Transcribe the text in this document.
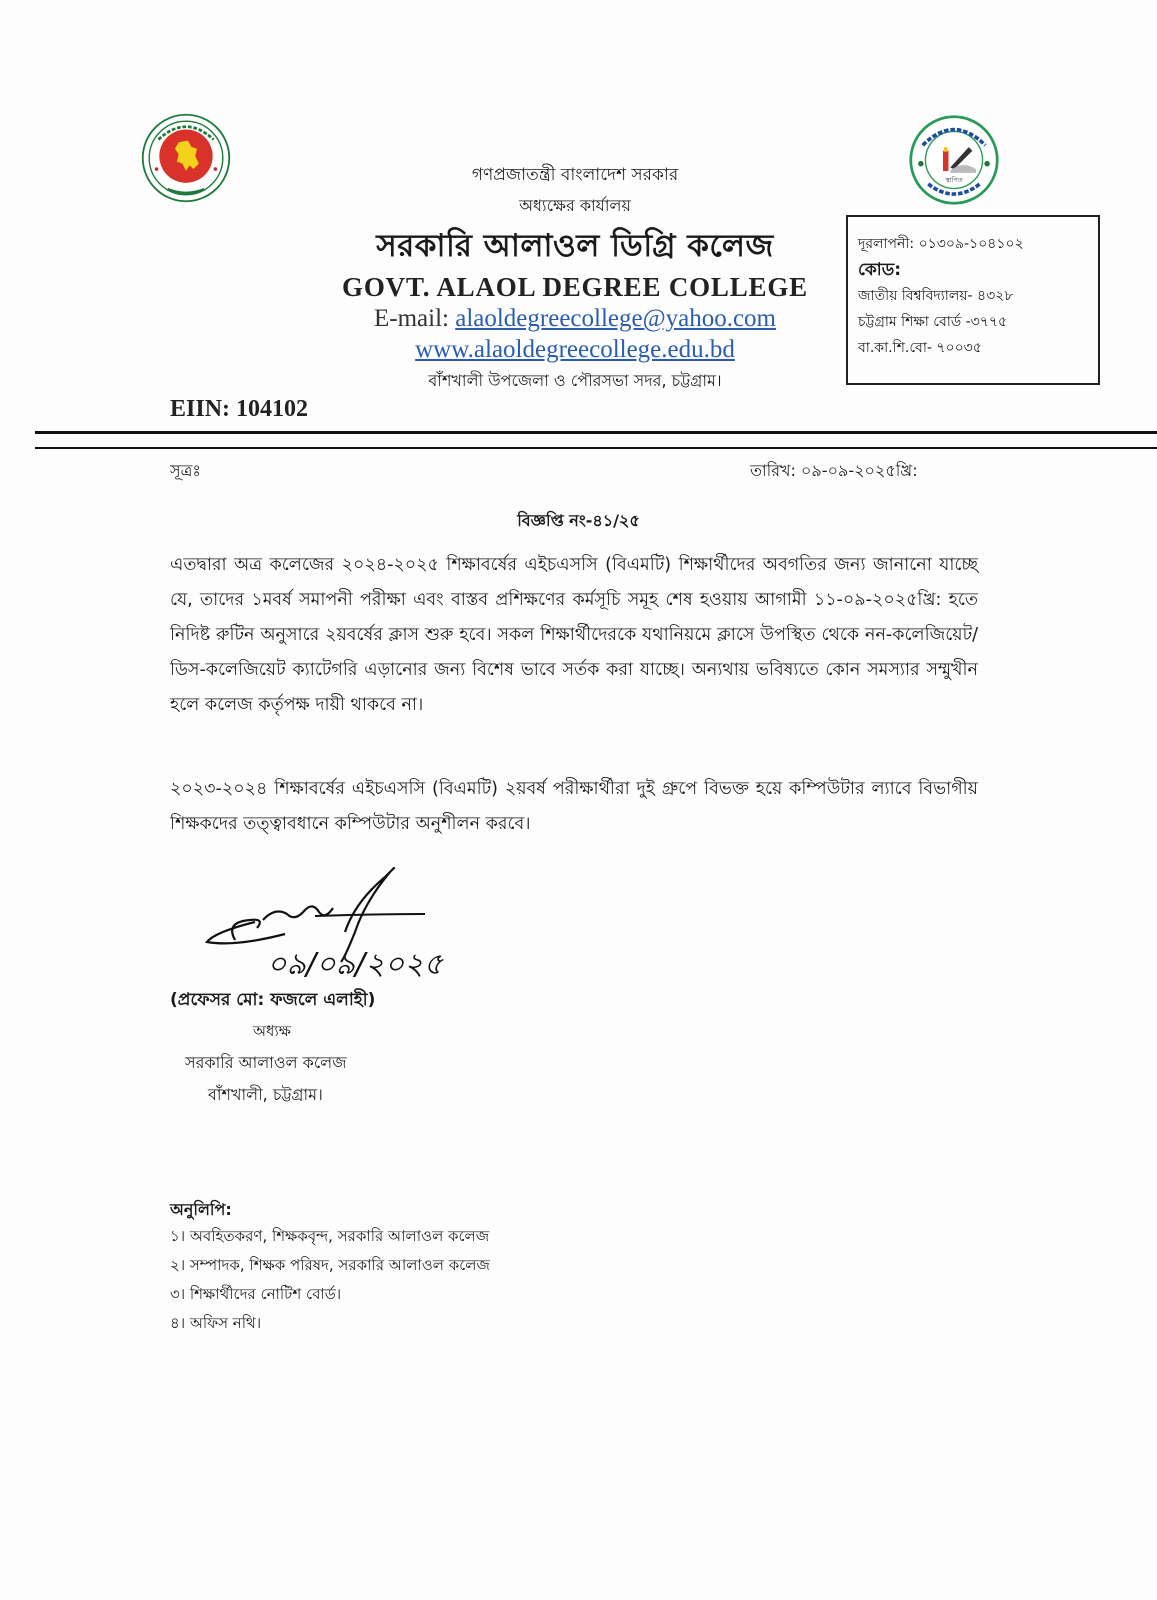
স্থাপিত
গণপ্রজাতন্ত্রী বাংলাদেশ সরকার
অধ্যক্ষের কার্যালয়
সরকারি আলাওল ডিগ্রি কলেজ
GOVT. ALAOL DEGREE COLLEGE
E-mail: alaoldegreecollege@yahoo.com
www.alaoldegreecollege.edu.bd
বাঁশখালী উপজেলা ও পৌরসভা সদর, চট্টগ্রাম।
দূরলাপনী: ০১৩০৯-১০৪১০২
কোড:
জাতীয় বিশ্ববিদ্যালয়- ৪৩২৮
চট্টগ্রাম শিক্ষা বোর্ড -৩৭৭৫
বা.কা.শি.বো- ৭০০৩৫
EIIN: 104102
সূত্রঃ	তারিখ: ০৯-০৯-২০২৫খ্রি:
বিজ্ঞপ্তি নং-৪১/২৫
এতদ্বারা অত্র কলেজের ২০২৪-২০২৫ শিক্ষাবর্ষের এইচএসসি (বিএমটি) শিক্ষার্থীদের অবগতির জন্য জানানো যাচ্ছে যে, তাদের ১মবর্ষ সমাপনী পরীক্ষা এবং বাস্তব প্রশিক্ষণের কর্মসূচি সমূহ শেষ হওয়ায় আগামী ১১-০৯-২০২৫খ্রি: হতে নিদিষ্ট রুটিন অনুসারে ২য়বর্ষের ক্লাস শুরু হবে। সকল শিক্ষার্থীদেরকে যথানিয়মে ক্লাসে উপস্থিত থেকে নন-কলেজিয়েট/ডিস-কলেজিয়েট ক্যাটেগরি এড়ানোর জন্য বিশেষ ভাবে সর্তক করা যাচ্ছে। অন্যথায় ভবিষ্যতে কোন সমস্যার সম্মুখীন হলে কলেজ কর্তৃপক্ষ দায়ী থাকবে না।
২০২৩-২০২৪ শিক্ষাবর্ষের এইচএসসি (বিএমটি) ২য়বর্ষ পরীক্ষার্থীরা দুই গ্রুপে বিভক্ত হয়ে কম্পিউটার ল্যাবে বিভাগীয় শিক্ষকদের তত্ত্বাবধানে কম্পিউটার অনুশীলন করবে।
০৯/০৯/২০২৫
(প্রফেসর মো: ফজলে এলাহী)
অধ্যক্ষ
সরকারি আলাওল কলেজ
বাঁশখালী, চট্টগ্রাম।
অনুলিপি:
১। অবহিতকরণ, শিক্ষকবৃন্দ, সরকারি আলাওল কলেজ
২। সম্পাদক, শিক্ষক পরিষদ, সরকারি আলাওল কলেজ
৩। শিক্ষার্থীদের নোটিশ বোর্ড।
৪। অফিস নথি।
